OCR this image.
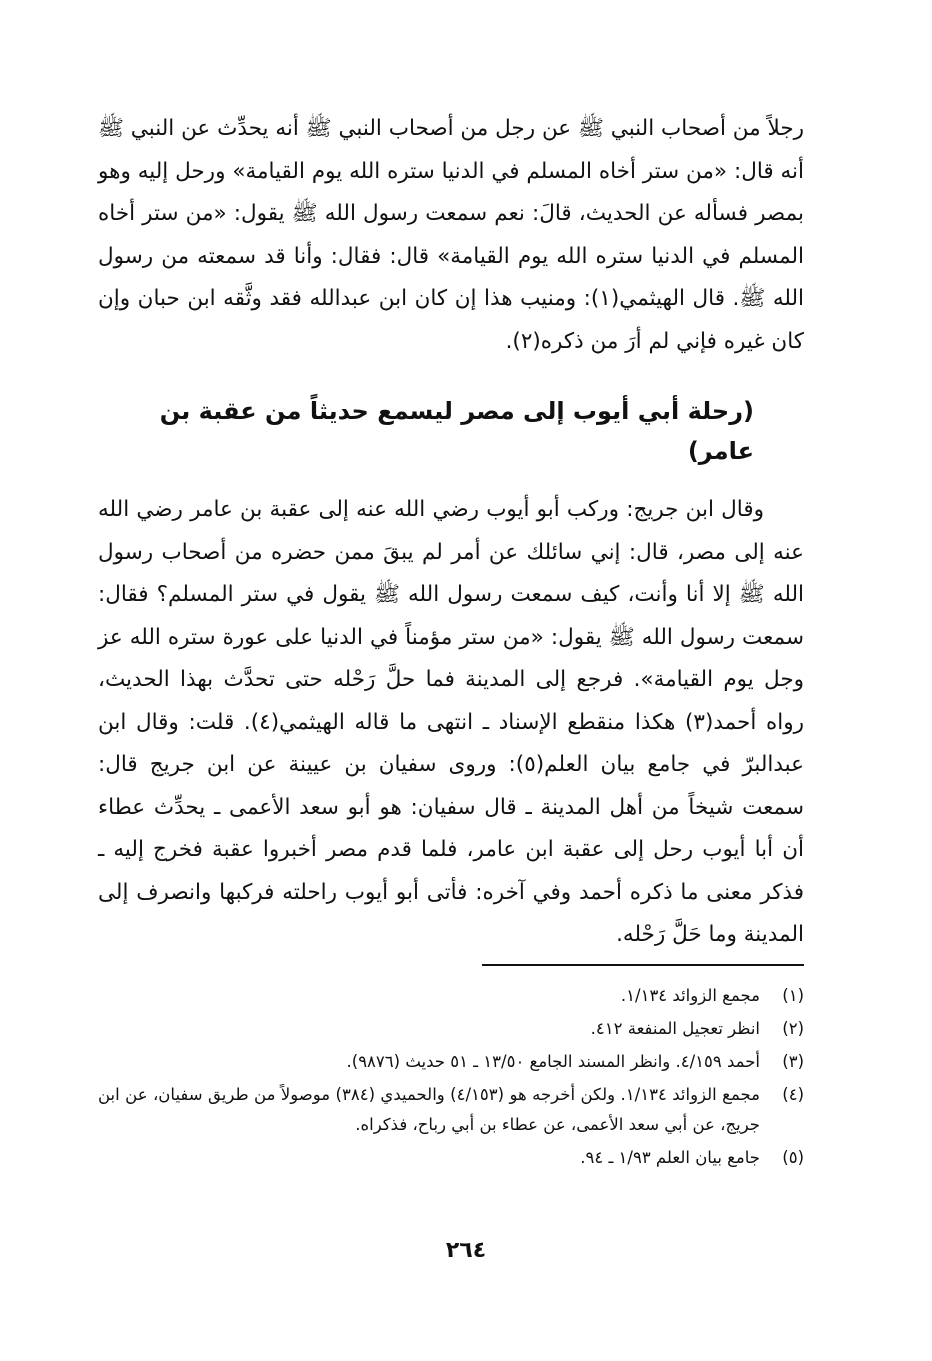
رجلاً من أصحاب النبي ﷺ عن رجل من أصحاب النبي ﷺ أنه يحدِّث عن النبي ﷺ أنه قال: «من ستر أخاه المسلم في الدنيا ستره الله يوم القيامة» ورحل إليه وهو بمصر فسأله عن الحديث، قالَ: نعم سمعت رسول الله ﷺ يقول: «من ستر أخاه المسلم في الدنيا ستره الله يوم القيامة» قال: فقال: وأنا قد سمعته من رسول الله ﷺ. قال الهيثمي(١): ومنيب هذا إن كان ابن عبدالله فقد وثَّقه ابن حبان وإن كان غيره فإني لم أرَ من ذكره(٢).

(رحلة أبي أيوب إلى مصر ليسمع حديثاً من عقبة بن عامر)

وقال ابن جريج: وركب أبو أيوب رضي الله عنه إلى عقبة بن عامر رضي الله عنه إلى مصر، قال: إني سائلك عن أمر لم يبقَ ممن حضره من أصحاب رسول الله ﷺ إلا أنا وأنت، كيف سمعت رسول الله ﷺ يقول في ستر المسلم؟ فقال: سمعت رسول الله ﷺ يقول: «من ستر مؤمناً في الدنيا على عورة ستره الله عز وجل يوم القيامة». فرجع إلى المدينة فما حلَّ رَحْله حتى تحدَّث بهذا الحديث، رواه أحمد(٣) هكذا منقطع الإسناد ـ انتهى ما قاله الهيثمي(٤). قلت: وقال ابن عبدالبرّ في جامع بيان العلم(٥): وروى سفيان بن عيينة عن ابن جريج قال: سمعت شيخاً من أهل المدينة ـ قال سفيان: هو أبو سعد الأعمى ـ يحدِّث عطاء أن أبا أيوب رحل إلى عقبة ابن عامر، فلما قدم مصر أخبروا عقبة فخرج إليه ـ فذكر معنى ما ذكره أحمد وفي آخره: فأتى أبو أيوب راحلته فركبها وانصرف إلى المدينة وما حَلَّ رَحْله.

(١)
مجمع الزوائد ١/١٣٤.
(٢)
انظر تعجيل المنفعة ٤١٢.
(٣)
أحمد ٤/١٥٩. وانظر المسند الجامع ١٣/٥٠ ـ ٥١ حديث (٩٨٧٦).
(٤)
مجمع الزوائد ١/١٣٤. ولكن أخرجه هو (٤/١٥٣) والحميدي (٣٨٤) موصولاً من طريق سفيان، عن ابن جريج، عن أبي سعد الأعمى، عن عطاء بن أبي رباح، فذكراه.
(٥)
جامع بيان العلم ١/٩٣ ـ ٩٤.
٢٦٤
